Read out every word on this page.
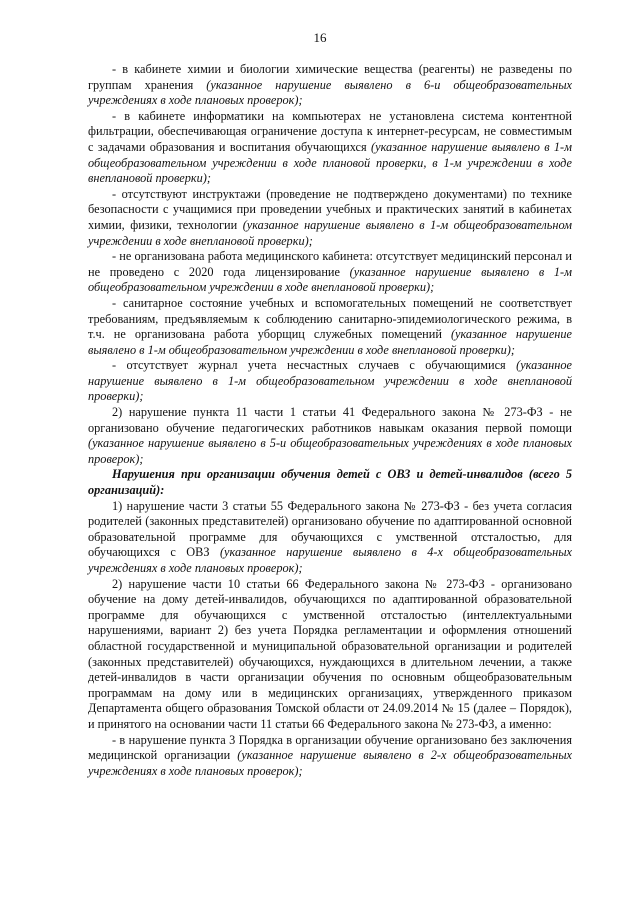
16

- в кабинете химии и биологии химические вещества (реагенты) не разведены по группам хранения (указанное нарушение выявлено в 6-и общеобразовательных учреждениях в ходе плановых проверок);

- в кабинете информатики на компьютерах не установлена система контентной фильтрации, обеспечивающая ограничение доступа к интернет-ресурсам, не совместимым с задачами образования и воспитания обучающихся (указанное нарушение выявлено в 1-м общеобразовательном учреждении в ходе плановой проверки, в 1-м учреждении в ходе внеплановой проверки);

- отсутствуют инструктажи (проведение не подтверждено документами) по технике безопасности с учащимися при проведении учебных и практических занятий в кабинетах химии, физики, технологии (указанное нарушение выявлено в 1-м общеобразовательном учреждении в ходе внеплановой проверки);

- не организована работа медицинского кабинета: отсутствует медицинский персонал и не проведено с 2020 года лицензирование (указанное нарушение выявлено в 1-м общеобразовательном учреждении в ходе внеплановой проверки);

- санитарное состояние учебных и вспомогательных помещений не соответствует требованиям, предъявляемым к соблюдению санитарно-эпидемиологического режима, в т.ч. не организована работа уборщиц служебных помещений (указанное нарушение выявлено в 1-м общеобразовательном учреждении в ходе внеплановой проверки);

- отсутствует журнал учета несчастных случаев с обучающимися (указанное нарушение выявлено в 1-м общеобразовательном учреждении в ходе внеплановой проверки);

2) нарушение пункта 11 части 1 статьи 41 Федерального закона № 273-ФЗ - не организовано обучение педагогических работников навыкам оказания первой помощи (указанное нарушение выявлено в 5-и общеобразовательных учреждениях в ходе плановых проверок);

Нарушения при организации обучения детей с ОВЗ и детей-инвалидов (всего 5 организаций):

1) нарушение части 3 статьи 55 Федерального закона № 273-ФЗ - без учета согласия родителей (законных представителей) организовано обучение по адаптированной основной образовательной программе для обучающихся с умственной отсталостью, для обучающихся с ОВЗ (указанное нарушение выявлено в 4-х общеобразовательных учреждениях в ходе плановых проверок);

2) нарушение части 10 статьи 66 Федерального закона № 273-ФЗ - организовано обучение на дому детей-инвалидов, обучающихся по адаптированной образовательной программе для обучающихся с умственной отсталостью (интеллектуальными нарушениями, вариант 2) без учета Порядка регламентации и оформления отношений областной государственной и муниципальной образовательной организации и родителей (законных представителей) обучающихся, нуждающихся в длительном лечении, а также детей-инвалидов в части организации обучения по основным общеобразовательным программам на дому или в медицинских организациях, утвержденного приказом Департамента общего образования Томской области от 24.09.2014 № 15 (далее – Порядок), и принятого на основании части 11 статьи 66 Федерального закона № 273-ФЗ, а именно:

- в нарушение пункта 3 Порядка в организации обучение организовано без заключения медицинской организации (указанное нарушение выявлено в 2-х общеобразовательных учреждениях в ходе плановых проверок);
